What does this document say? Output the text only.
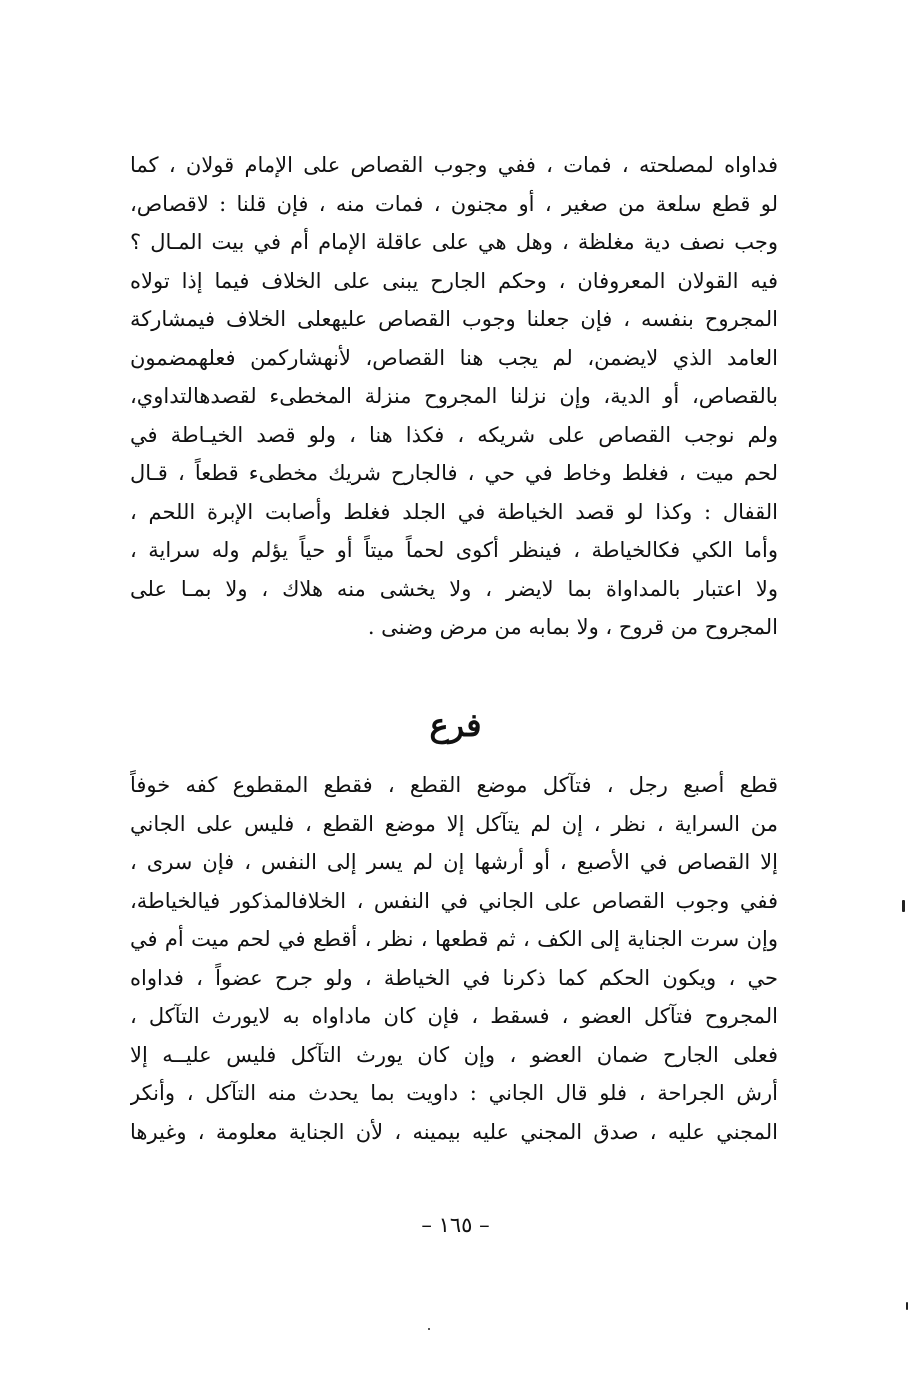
فداواه لمصلحته ، فمات ، ففي وجوب القصاص على الإمام قولان ، كما
لو قطع سلعة من صغير ، أو مجنون ، فمات منه ، فإن قلنا : لاقصاص،
وجب نصف دية مغلظة ، وهل هي على عاقلة الإمام أم في بيت المـال ؟
فيه القولان المعروفان ، وحكم الجارح يبنى على الخلاف فيما إذا تولاه
المجروح بنفسه ، فإن جعلنا وجوب القصاص عليهعلى الخلاف فيمشاركة
العامد الذي لايضمن، لم يجب هنا القصاص، لأنهشاركمن فعلهمضمون
بالقصاص، أو الدية، وإن نزلنا المجروح منزلة المخطىء لقصدهالتداوي،
ولم نوجب القصاص على شريكه ، فكذا هنا ، ولو قصد الخيـاطة في
لحم ميت ، فغلط وخاط في حي ، فالجارح شريك مخطىء قطعاً ، قـال
القفال : وكذا لو قصد الخياطة في الجلد فغلط وأصابت الإبرة اللحم ،
وأما الكي فكالخياطة ، فينظر أكوى لحماً ميتاً أو حياً يؤلم وله سراية ،
ولا اعتبار بالمداواة بما لايضر ، ولا يخشى منه هلاك ، ولا بمـا على
المجروح من قروح ، ولا بمابه من مرض وضنى .
فرع
قطع أصبع رجل ، فتآكل موضع القطع ، فقطع المقطوع كفه خوفاً
من السراية ، نظر ، إن لم يتآكل إلا موضع القطع ، فليس على الجاني
إلا القصاص في الأصبع ، أو أرشها إن لم يسر إلى النفس ، فإن سرى ،
ففي وجوب القصاص على الجاني في النفس ، الخلافالمذكور فيالخياطة،
وإن سرت الجناية إلى الكف ، ثم قطعها ، نظر ، أقطع في لحم ميت أم في
حي ، ويكون الحكم كما ذكرنا في الخياطة ، ولو جرح عضواً ، فداواه
المجروح فتآكل العضو ، فسقط ، فإن كان ماداواه به لايورث التآكل ،
فعلى الجارح ضمان العضو ، وإن كان يورث التآكل فليس عليــه إلا
أرش الجراحة ، فلو قال الجاني : داويت بما يحدث منه التآكل ، وأنكر
المجني عليه ، صدق المجني عليه بيمينه ، لأن الجناية معلومة ، وغيرها
– ١٦٥ –
